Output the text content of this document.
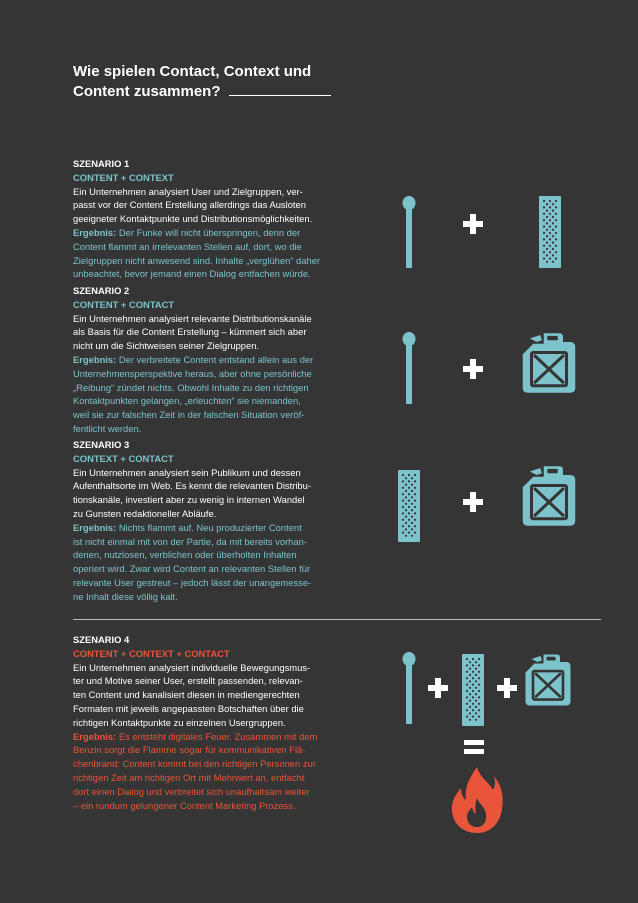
Wie spielen Contact, Context und
Content zusammen?
SZENARIO 1
CONTENT + CONTEXT
Ein Unternehmen analysiert User und Zielgruppen, ver-
passt vor der Content Erstellung allerdings das Ausloten
geeigneter Kontaktpunkte und Distributionsmöglichkeiten.
Ergebnis: Der Funke will nicht überspringen, denn der
Content flammt an irrelevanten Stellen auf, dort, wo die
Zielgruppen nicht anwesend sind. Inhalte „verglühen“ daher
unbeachtet, bevor jemand einen Dialog entfachen würde.
SZENARIO 2
CONTENT + CONTACT
Ein Unternehmen analysiert relevante Distributionskanäle
als Basis für die Content Erstellung – kümmert sich aber
nicht um die Sichtweisen seiner Zielgruppen.
Ergebnis: Der verbreitete Content entstand allein aus der
Unternehmensperspektive heraus, aber ohne persönliche
„Reibung“ zündet nichts. Obwohl Inhalte zu den richtigen
Kontaktpunkten gelangen, „erleuchten“ sie niemanden,
weil sie zur falschen Zeit in der falschen Situation veröf-
fentlicht werden.
SZENARIO 3
CONTEXT + CONTACT
Ein Unternehmen analysiert sein Publikum und dessen
Aufenthaltsorte im Web. Es kennt die relevanten Distribu-
tionskanäle, investiert aber zu wenig in internen Wandel
zu Gunsten redaktioneller Abläufe.
Ergebnis: Nichts flammt auf. Neu produzierter Content
ist nicht einmal mit von der Partie, da mit bereits vorhan-
denen, nutzlosen, verblichen oder überholten Inhalten
operiert wird. Zwar wird Content an relevanten Stellen für
relevante User gestreut – jedoch lässt der unangemesse-
ne Inhalt diese völlig kalt.
SZENARIO 4
CONTENT + CONTEXT + CONTACT
Ein Unternehmen analysiert individuelle Bewegungsmus-
ter und Motive seiner User, erstellt passenden, relevan-
ten Content und kanalisiert diesen in mediengerechten
Formaten mit jeweils angepassten Botschaften über die
richtigen Kontaktpunkte zu einzelnen Usergruppen.
Ergebnis: Es entsteht digitales Feuer. Zusammen mit dem
Benzin sorgt die Flamme sogar für kommunikativen Flä-
chenbrand: Content kommt bei den richtigen Personen zur
richtigen Zeit am richtigen Ort mit Mehrwert an, entfacht
dort einen Dialog und verbreitet sich unaufhaltsam weiter
– ein rundum gelungener Content Marketing Prozess.
